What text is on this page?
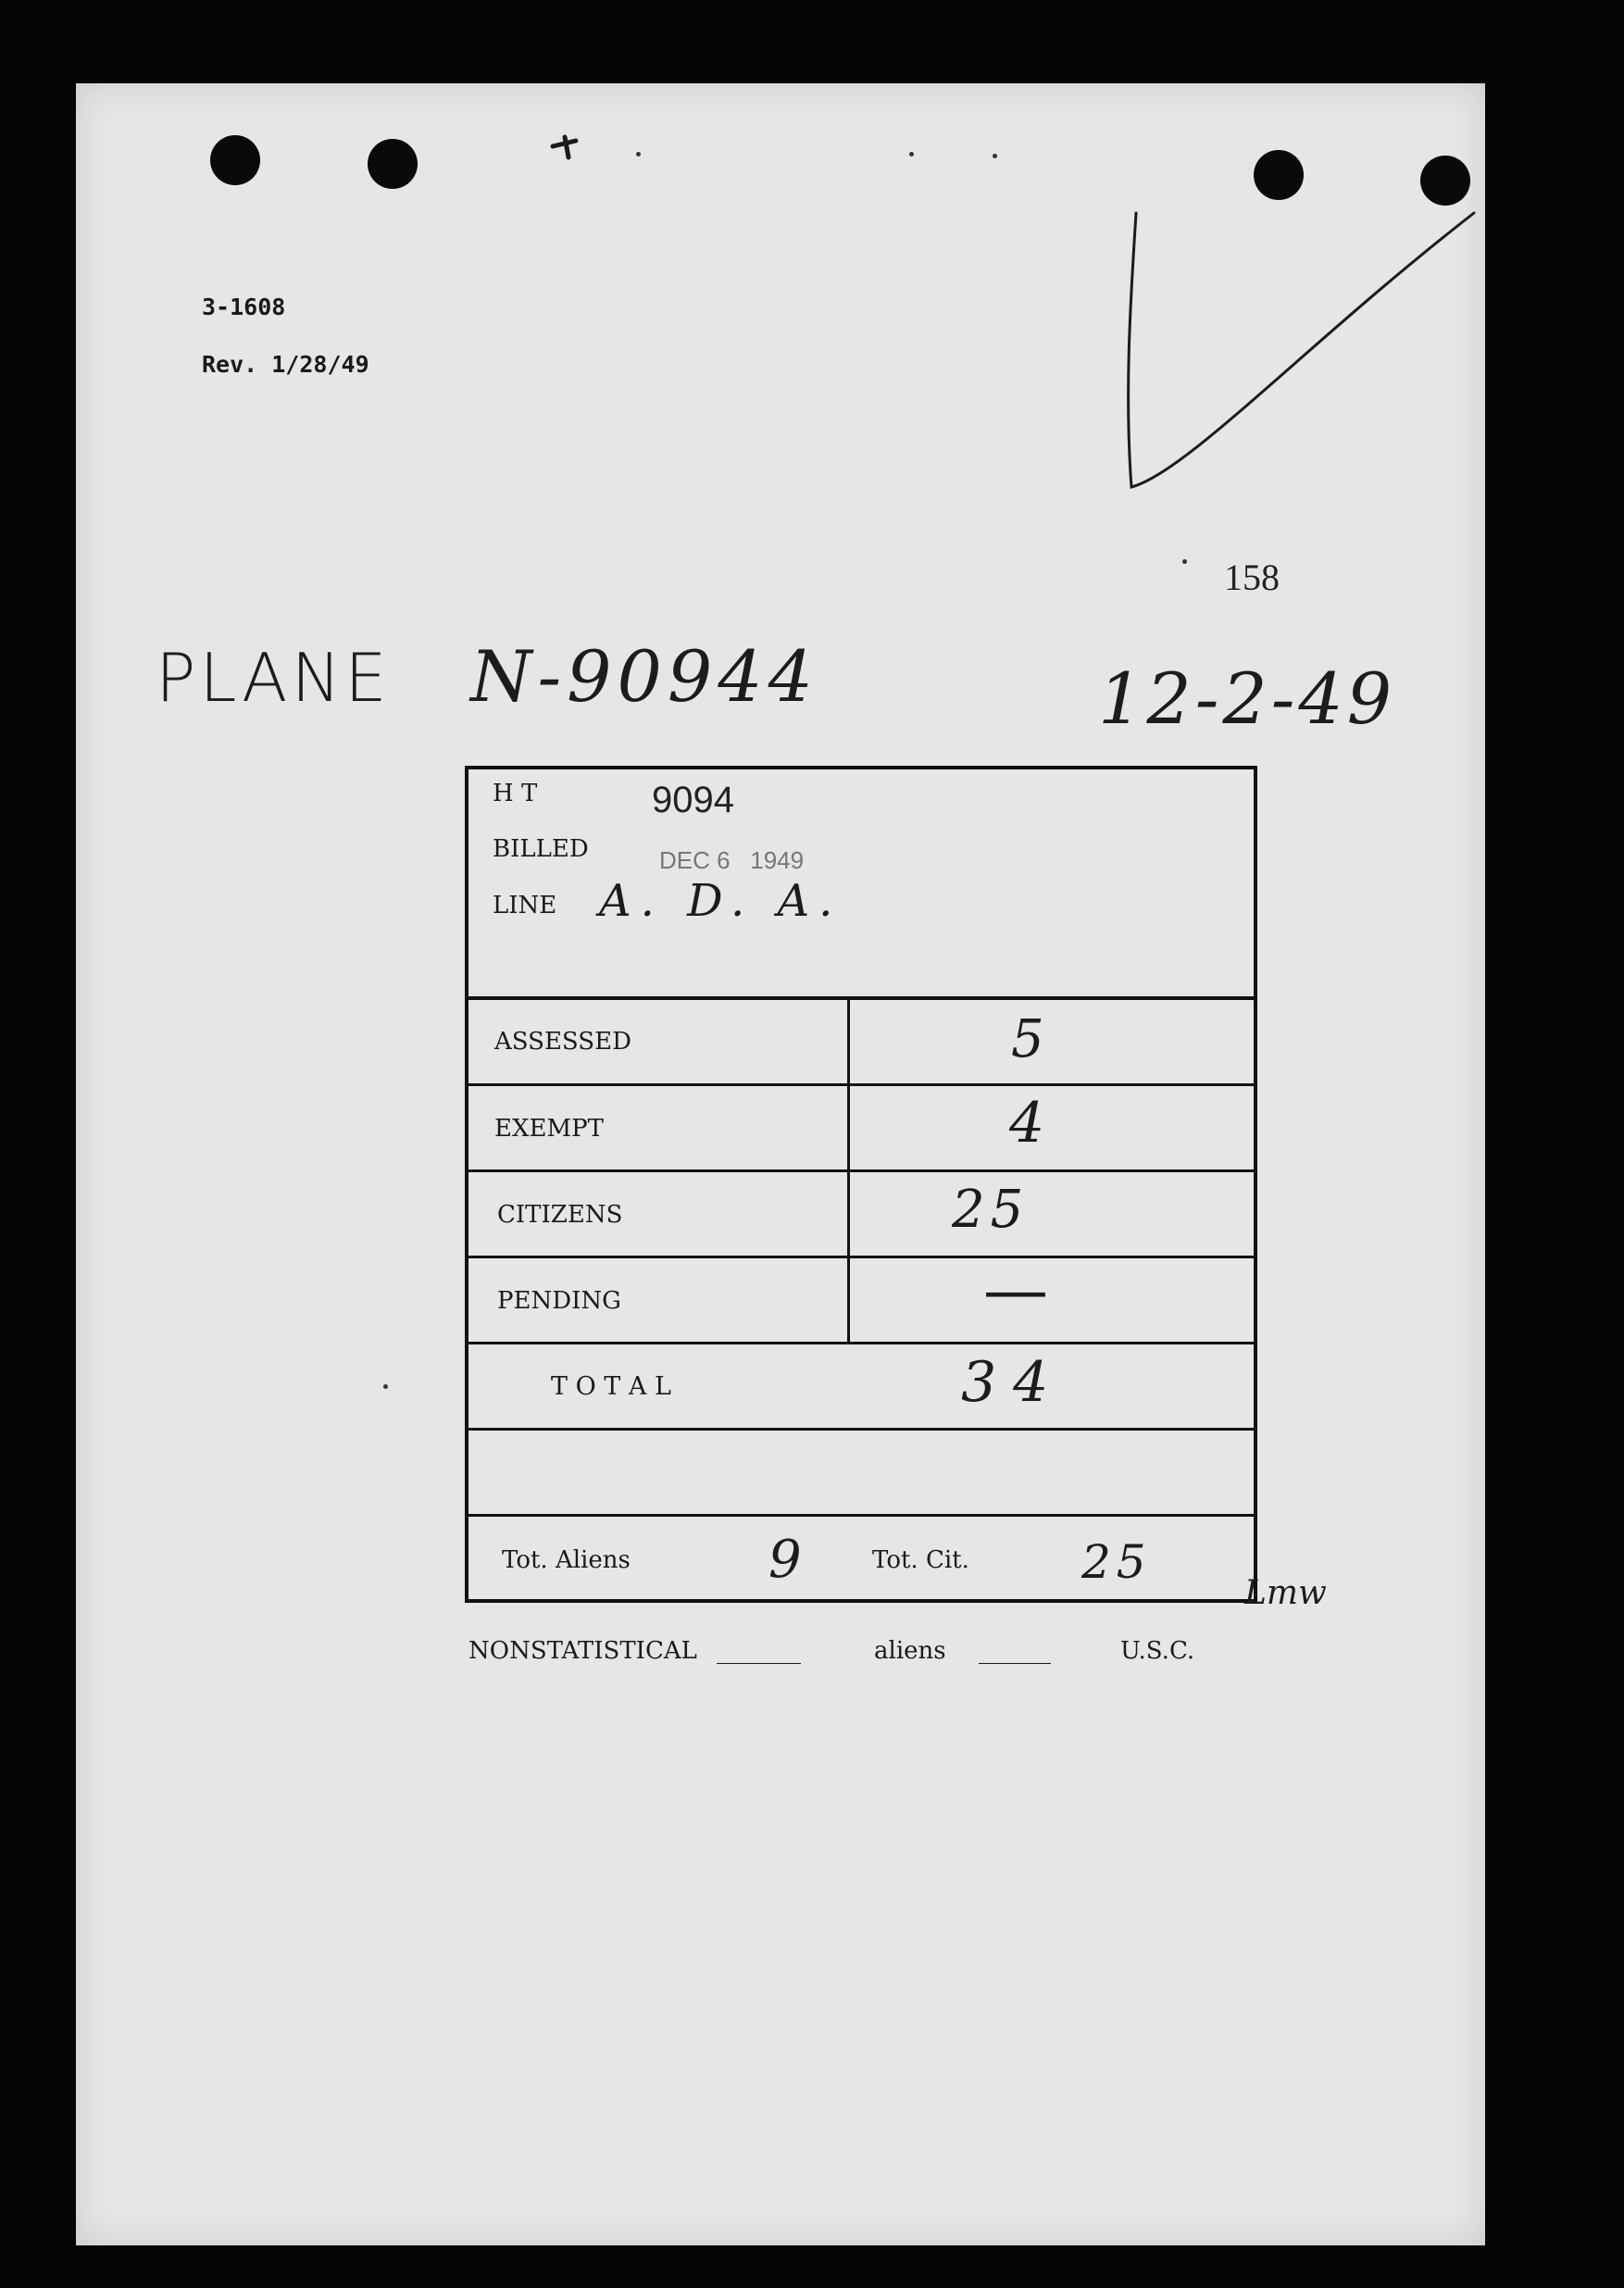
3-1608
Rev. 1/28/49
158
PLANE N-90944	12-2-49
H T	9094
BILLED	DEC 6   1949
LINE A. D. A.
ASSESSED	5
EXEMPT	4
CITIZENS	25
PENDING	—
T O T A L	34
Tot. Aliens	9	Tot. Cit. 25
Lmw
NONSTATISTICAL _______	aliens ______	U.S.C.
